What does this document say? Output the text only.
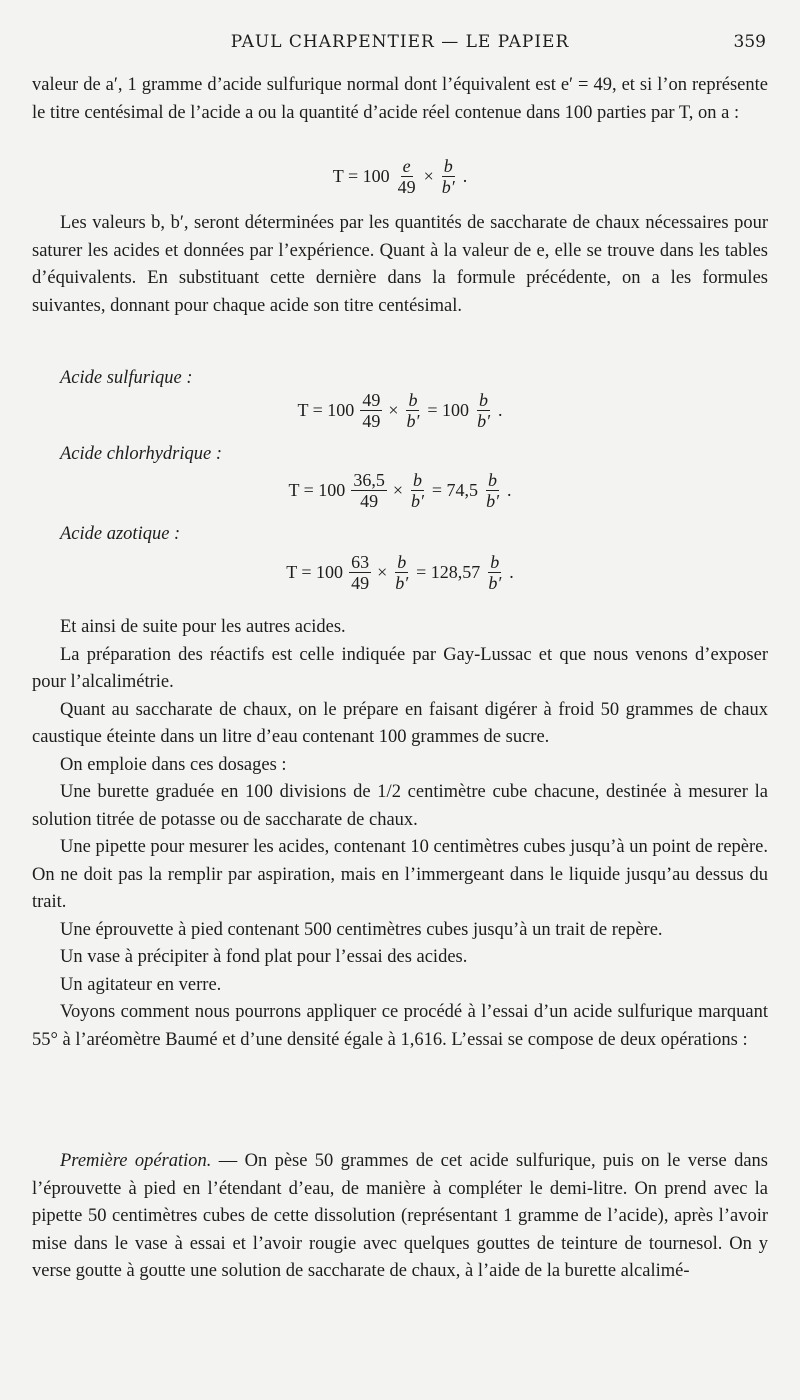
PAUL CHARPENTIER — LE PAPIER	359

valeur de a′, 1 gramme d’acide sulfurique normal dont l’équivalent est e′ = 49, et si l’on représente le titre centésimal de l’acide a ou la quantité d’acide réel contenue dans 100 parties par T, on a :

$T = 100 \frac{e}{49} \times \frac{b}{b'}$ .

Les valeurs b, b′, seront déterminées par les quantités de saccharate de chaux nécessaires pour saturer les acides et données par l’expérience. Quant à la valeur de e, elle se trouve dans les tables d’équivalents. En substituant cette dernière dans la formule précédente, on a les formules suivantes, donnant pour chaque acide son titre centésimal.

Acide sulfurique :
$T = 100 \frac{49}{49} \times \frac{b}{b'} = 100 \frac{b}{b'}$ .
Acide chlorhydrique :
$T = 100 \frac{36,5}{49} \times \frac{b}{b'} = 74,5 \frac{b}{b'}$ .
Acide azotique :
$T = 100 \frac{63}{49} \times \frac{b}{b'} = 128,57 \frac{b}{b'}$ .

Et ainsi de suite pour les autres acides.

La préparation des réactifs est celle indiquée par Gay-Lussac et que nous venons d’exposer pour l’alcalimétrie.

Quant au saccharate de chaux, on le prépare en faisant digérer à froid 50 grammes de chaux caustique éteinte dans un litre d’eau contenant 100 grammes de sucre.

On emploie dans ces dosages :

Une burette graduée en 100 divisions de 1/2 centimètre cube chacune, destinée à mesurer la solution titrée de potasse ou de saccharate de chaux.

Une pipette pour mesurer les acides, contenant 10 centimètres cubes jusqu’à un point de repère. On ne doit pas la remplir par aspiration, mais en l’immergeant dans le liquide jusqu’au dessus du trait.

Une éprouvette à pied contenant 500 centimètres cubes jusqu’à un trait de repère.

Un vase à précipiter à fond plat pour l’essai des acides.

Un agitateur en verre.

Voyons comment nous pourrons appliquer ce procédé à l’essai d’un acide sulfurique marquant 55° à l’aréomètre Baumé et d’une densité égale à 1,616. L’essai se compose de deux opérations :

Première opération. — On pèse 50 grammes de cet acide sulfurique, puis on le verse dans l’éprouvette à pied en l’étendant d’eau, de manière à compléter le demi-litre. On prend avec la pipette 50 centimètres cubes de cette dissolution (représentant 1 gramme de l’acide), après l’avoir mise dans le vase à essai et l’avoir rougie avec quelques gouttes de teinture de tournesol. On y verse goutte à goutte une solution de saccharate de chaux, à l’aide de la burette alcalimé-
